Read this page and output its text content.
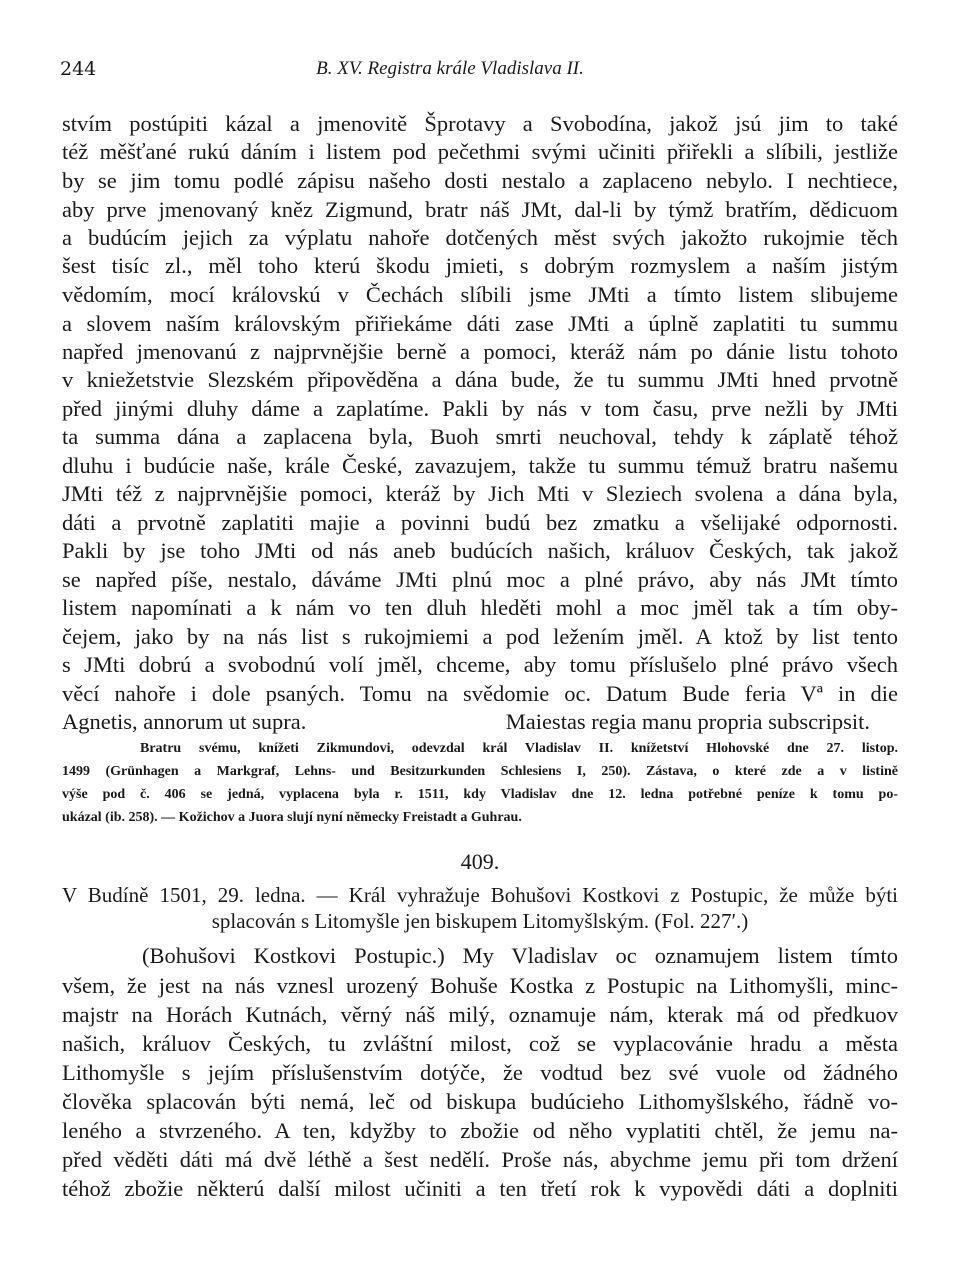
244	B. XV. Registra krále Vladislava II.
stvím postúpiti kázal a jmenovitě Šprotavy a Svobodína, jakož jsú jim to také
též měšťané rukú dáním i listem pod pečethmi svými učiniti přiřekli a slíbili, jestliže
by se jim tomu podlé zápisu našeho dosti nestalo a zaplaceno nebylo. I nechtiece,
aby prve jmenovaný kněz Zigmund, bratr náš JMt, dal-li by týmž bratřím, dědicuom
a budúcím jejich za výplatu nahoře dotčených měst svých jakožto rukojmie těch
šest tisíc zl., měl toho kterú škodu jmieti, s dobrým rozmyslem a naším jistým
vědomím, mocí královskú v Čechách slíbili jsme JMti a tímto listem slibujeme
a slovem naším královským přiřiekáme dáti zase JMti a úplně zaplatiti tu summu
napřed jmenovanú z najprvnějšie berně a pomoci, kteráž nám po dánie listu tohoto
v kniežetstvie Slezském připověděna a dána bude, že tu summu JMti hned prvotně
před jinými dluhy dáme a zaplatíme. Pakli by nás v tom času, prve nežli by JMti
ta summa dána a zaplacena byla, Buoh smrti neuchoval, tehdy k záplatě téhož
dluhu i budúcie naše, krále České, zavazujem, takže tu summu témuž bratru našemu
JMti též z najprvnějšie pomoci, kteráž by Jich Mti v Sleziech svolena a dána byla,
dáti a prvotně zaplatiti majie a povinni budú bez zmatku a všelijaké odpornosti.
Pakli by jse toho JMti od nás aneb budúcích našich, králuov Českých, tak jakož
se napřed píše, nestalo, dáváme JMti plnú moc a plné právo, aby nás JMt tímto
listem napomínati a k nám vo ten dluh hleděti mohl a moc jměl tak a tím oby-
čejem, jako by na nás list s rukojmiemi a pod ležením jměl. A ktož by list tento
s JMti dobrú a svobodnú volí jměl, chceme, aby tomu příslušelo plné právo všech
věcí nahoře i dole psaných. Tomu na svědomie oc. Datum Bude feria Vª in die
Agnetis, annorum ut supra.	Maiestas regia manu propria subscripsit.
Bratru svému, knížeti Zikmundovi, odevzdal král Vladislav II. knížetství Hlohovské dne 27. listop.
1499 (Grünhagen a Markgraf, Lehns- und Besitzurkunden Schlesiens I, 250). Zástava, o které zde a v listině
výše pod č. 406 se jedná, vyplacena byla r. 1511, kdy Vladislav dne 12. ledna potřebné peníze k tomu po-
ukázal (ib. 258). — Kožichov a Juora slují nyní německy Freistadt a Guhrau.
409.
V Budíně 1501, 29. ledna. — Král vyhražuje Bohušovi Kostkovi z Postupic, že může býti
splacován s Litomyšle jen biskupem Litomyšlským. (Fol. 227′.)
(Bohušovi Kostkovi Postupic.) My Vladislav oc oznamujem listem tímto
všem, že jest na nás vznesl urozený Bohuše Kostka z Postupic na Lithomyšli, minc-
majstr na Horách Kutnách, věrný náš milý, oznamuje nám, kterak má od předkuov
našich, králuov Českých, tu zvláštní milost, což se vyplacovánie hradu a města
Lithomyšle s jejím příslušenstvím dotýče, že vodtud bez své vuole od žádného
člověka splacován býti nemá, leč od biskupa budúcieho Lithomyšlského, řádně vo-
leného a stvrzeného. A ten, kdyžby to zbožie od něho vyplatiti chtěl, že jemu na-
před věděti dáti má dvě léthě a šest nedělí. Proše nás, abychme jemu při tom držení
téhož zbožie některú další milost učiniti a ten třetí rok k vypovědi dáti a doplniti
